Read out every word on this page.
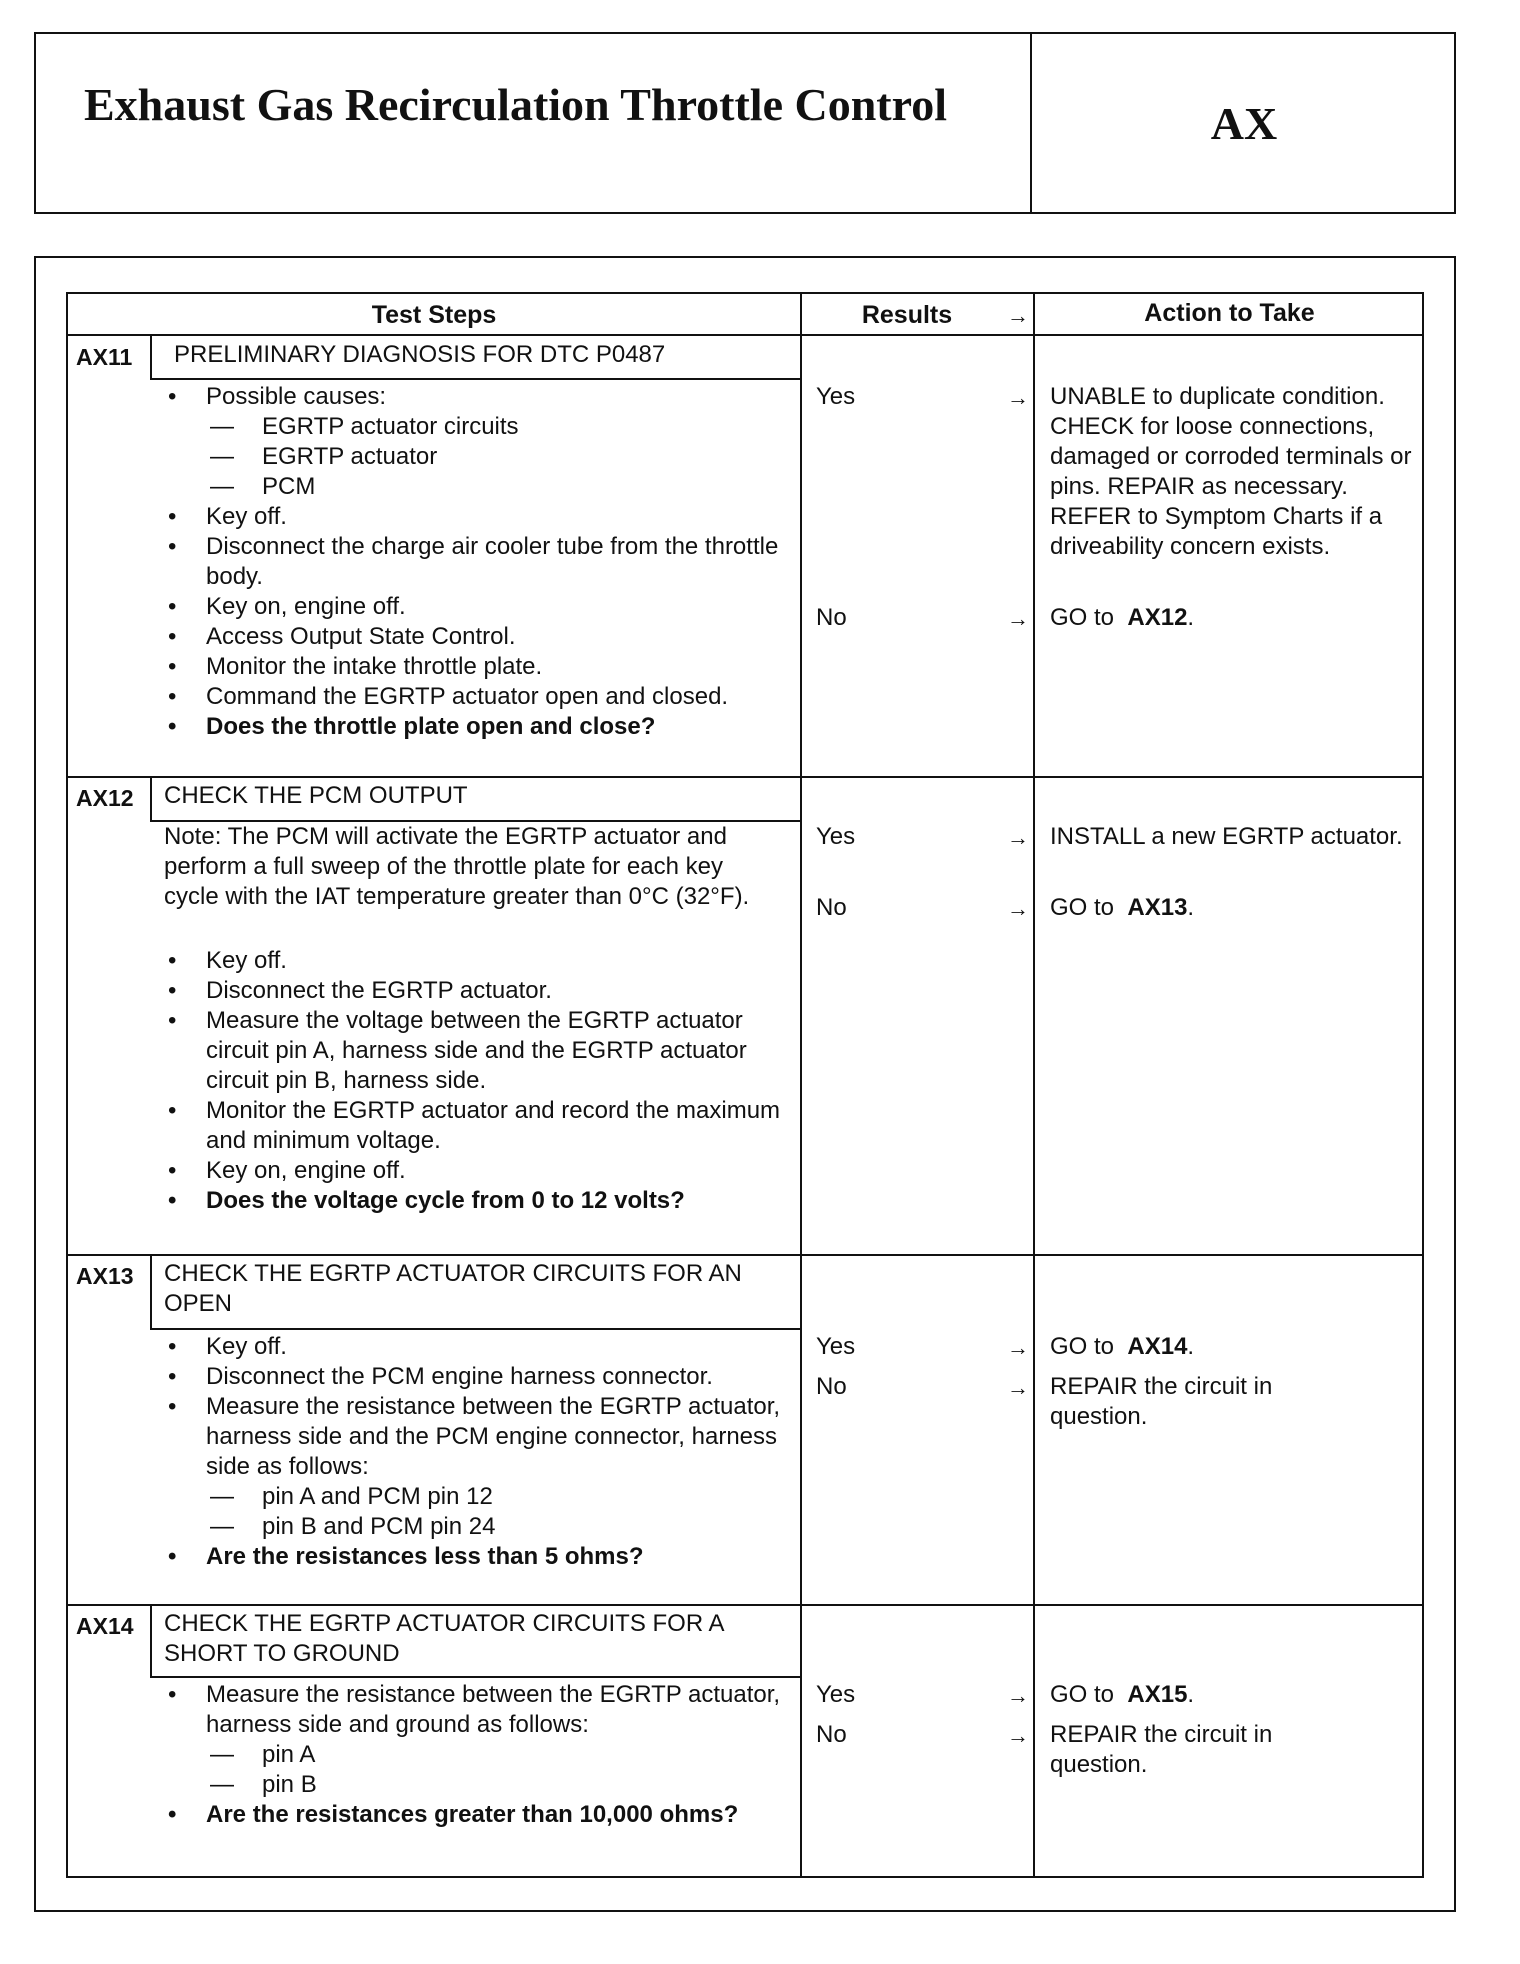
Exhaust Gas Recirculation Throttle Control	AX
Test Steps	Results	→	Action to Take
AX11 PRELIMINARY DIAGNOSIS FOR DTC P0487
• Possible causes:
— EGRTP actuator circuits
— EGRTP actuator
— PCM
• Key off.
• Disconnect the charge air cooler tube from the throttle body.
• Key on, engine off.
• Access Output State Control.
• Monitor the intake throttle plate.
• Command the EGRTP actuator open and closed.
• Does the throttle plate open and close?
Yes	→ UNABLE to duplicate condition. CHECK for loose connections, damaged or corroded terminals or pins. REPAIR as necessary. REFER to Symptom Charts if a driveability concern exists.
No	→ GO to AX12.
AX12 CHECK THE PCM OUTPUT
Note: The PCM will activate the EGRTP actuator and perform a full sweep of the throttle plate for each key cycle with the IAT temperature greater than 0°C (32°F).
• Key off.
• Disconnect the EGRTP actuator.
• Measure the voltage between the EGRTP actuator circuit pin A, harness side and the EGRTP actuator circuit pin B, harness side.
• Monitor the EGRTP actuator and record the maximum and minimum voltage.
• Key on, engine off.
• Does the voltage cycle from 0 to 12 volts?
Yes	→ INSTALL a new EGRTP actuator.
No	→ GO to AX13.
AX13 CHECK THE EGRTP ACTUATOR CIRCUITS FOR AN OPEN
• Key off.
• Disconnect the PCM engine harness connector.
• Measure the resistance between the EGRTP actuator, harness side and the PCM engine connector, harness side as follows:
— pin A and PCM pin 12
— pin B and PCM pin 24
• Are the resistances less than 5 ohms?
Yes	→ GO to AX14.
No	→ REPAIR the circuit in question.
AX14 CHECK THE EGRTP ACTUATOR CIRCUITS FOR A SHORT TO GROUND
• Measure the resistance between the EGRTP actuator, harness side and ground as follows:
— pin A
— pin B
• Are the resistances greater than 10,000 ohms?
Yes	→ GO to AX15.
No	→ REPAIR the circuit in question.
